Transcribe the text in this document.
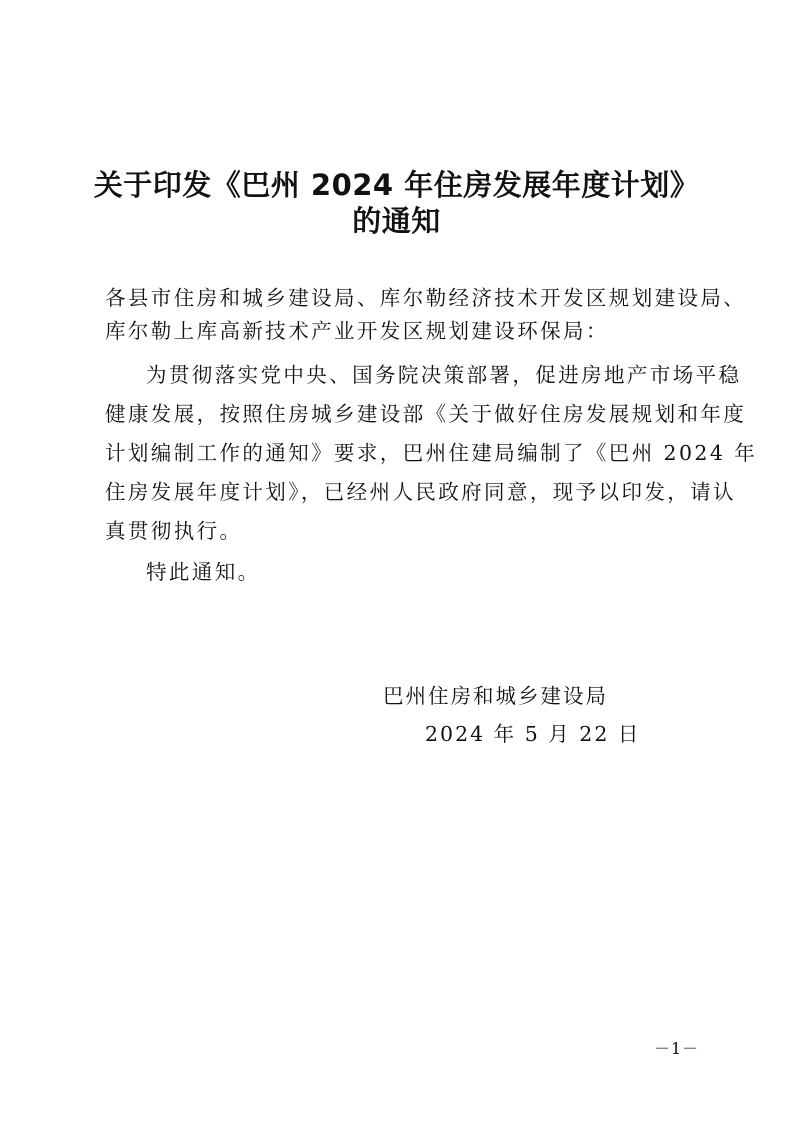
关于印发《巴州 2024 年住房发展年度计划》
的通知
各县市住房和城乡建设局、库尔勒经济技术开发区规划建设局、
库尔勒上库高新技术产业开发区规划建设环保局：
为贯彻落实党中央、国务院决策部署，促进房地产市场平稳
健康发展，按照住房城乡建设部《关于做好住房发展规划和年度
计划编制工作的通知》要求，巴州住建局编制了《巴州 2024 年
住房发展年度计划》，已经州人民政府同意，现予以印发，请认
真贯彻执行。
特此通知。
巴州住房和城乡建设局
2024 年 5 月 22 日
－1－
